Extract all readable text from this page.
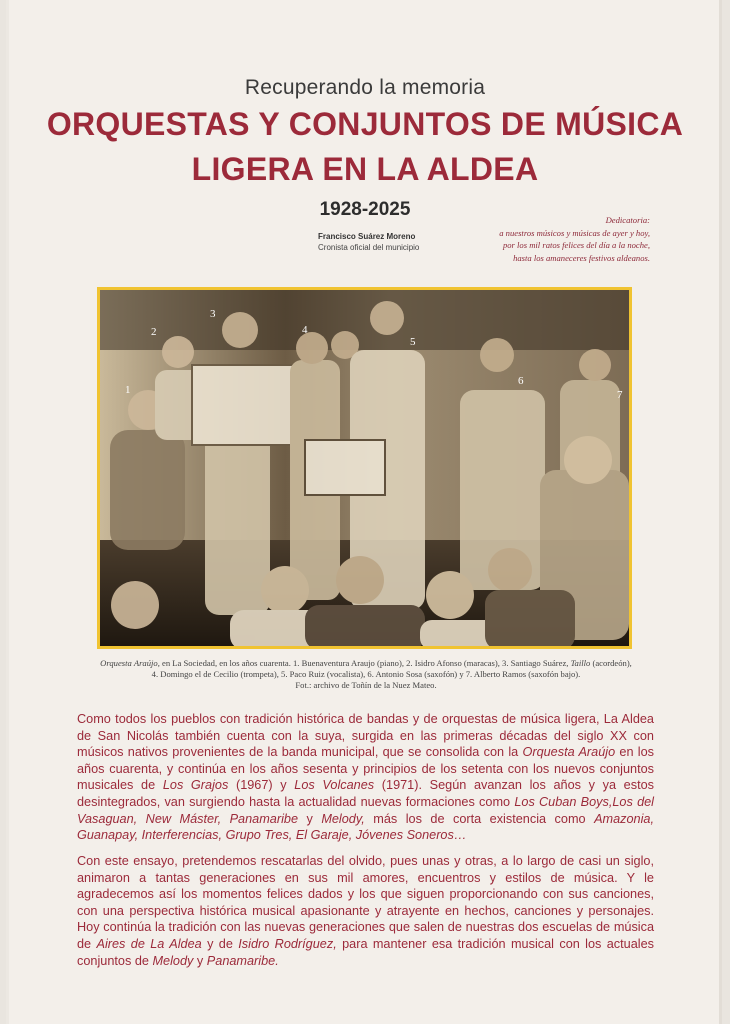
Recuperando la memoria
ORQUESTAS Y CONJUNTOS DE MÚSICA
LIGERA EN LA ALDEA
1928-2025
Francisco Suárez Moreno
Cronista oficial del municipio
Dedicatoria:
a nuestros músicos y músicas de ayer y hoy,
por los mil ratos felices del día a la noche,
hasta los amaneceres festivos aldeanos.
1
2
3
4
5
6
7
Orquesta Araújo, en La Sociedad, en los años cuarenta. 1. Buenaventura Araujo (piano), 2. Isidro Afonso (maracas), 3. Santiago Suárez, Taillo (acordeón), 4. Domingo el de Cecilio (trompeta), 5. Paco Ruiz (vocalista), 6. Antonio Sosa (saxofón) y 7. Alberto Ramos (saxofón bajo).
Fot.: archivo de Toñín de la Nuez Mateo.
Como todos los pueblos con tradición histórica de bandas y de orquestas de música ligera, La Aldea de San Nicolás también cuenta con la suya, surgida en las primeras décadas del siglo XX con músicos nativos provenientes de la banda municipal, que se consolida con la Orquesta Araújo en los años cuarenta, y continúa en los años sesenta y principios de los setenta con los nuevos conjuntos musicales de Los Grajos (1967) y Los Volcanes (1971). Según avanzan los años y ya estos desintegrados, van surgiendo hasta la actualidad nuevas formaciones como Los Cuban Boys,Los del Vasaguan, New Máster, Panamaribe y Melody, más los de corta existencia como Amazonia, Guanapay, Interferencias, Grupo Tres, El Garaje, Jóvenes Soneros…
Con este ensayo, pretendemos rescatarlas del olvido, pues unas y otras, a lo largo de casi un siglo, animaron a tantas generaciones en sus mil amores, encuentros y estilos de música. Y le agradecemos así los momentos felices dados y los que siguen proporcionando con sus canciones, con una perspectiva histórica musical apasionante y atrayente en hechos, canciones y personajes. Hoy continúa la tradición con las nuevas generaciones que salen de nuestras dos escuelas de música de Aires de La Aldea y de Isidro Rodríguez, para mantener esa tradición musical con los actuales conjuntos de Melody y Panamaribe.
